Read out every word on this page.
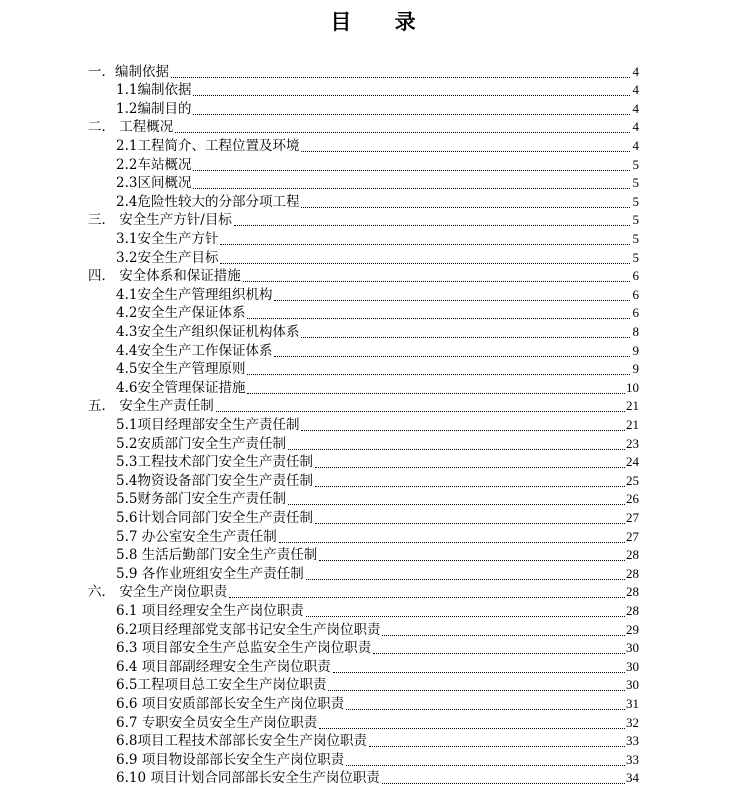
目 录
一．编制依据	4
1.1编制依据	4
1.2编制目的	4
二． 工程概况	4
2.1工程简介、工程位置及环境	4
2.2车站概况	5
2.3区间概况	5
2.4危险性较大的分部分项工程	5
三． 安全生产方针/目标	5
3.1安全生产方针	5
3.2安全生产目标	5
四． 安全体系和保证措施	6
4.1安全生产管理组织机构	6
4.2安全生产保证体系	6
4.3安全生产组织保证机构体系	8
4.4安全生产工作保证体系	9
4.5安全生产管理原则	9
4.6安全管理保证措施	10
五． 安全生产责任制	21
5.1项目经理部安全生产责任制	21
5.2安质部门安全生产责任制	23
5.3工程技术部门安全生产责任制	24
5.4物资设备部门安全生产责任制	25
5.5财务部门安全生产责任制	26
5.6计划合同部门安全生产责任制	27
5.7 办公室安全生产责任制	27
5.8 生活后勤部门安全生产责任制	28
5.9 各作业班组安全生产责任制	28
六． 安全生产岗位职责	28
6.1 项目经理安全生产岗位职责	28
6.2项目经理部党支部书记安全生产岗位职责	29
6.3 项目部安全生产总监安全生产岗位职责	30
6.4 项目部副经理安全生产岗位职责	30
6.5工程项目总工安全生产岗位职责	30
6.6 项目安质部部长安全生产岗位职责	31
6.7 专职安全员安全生产岗位职责	32
6.8项目工程技术部部长安全生产岗位职责	33
6.9 项目物设部部长安全生产岗位职责	33
6.10 项目计划合同部部长安全生产岗位职责	34
